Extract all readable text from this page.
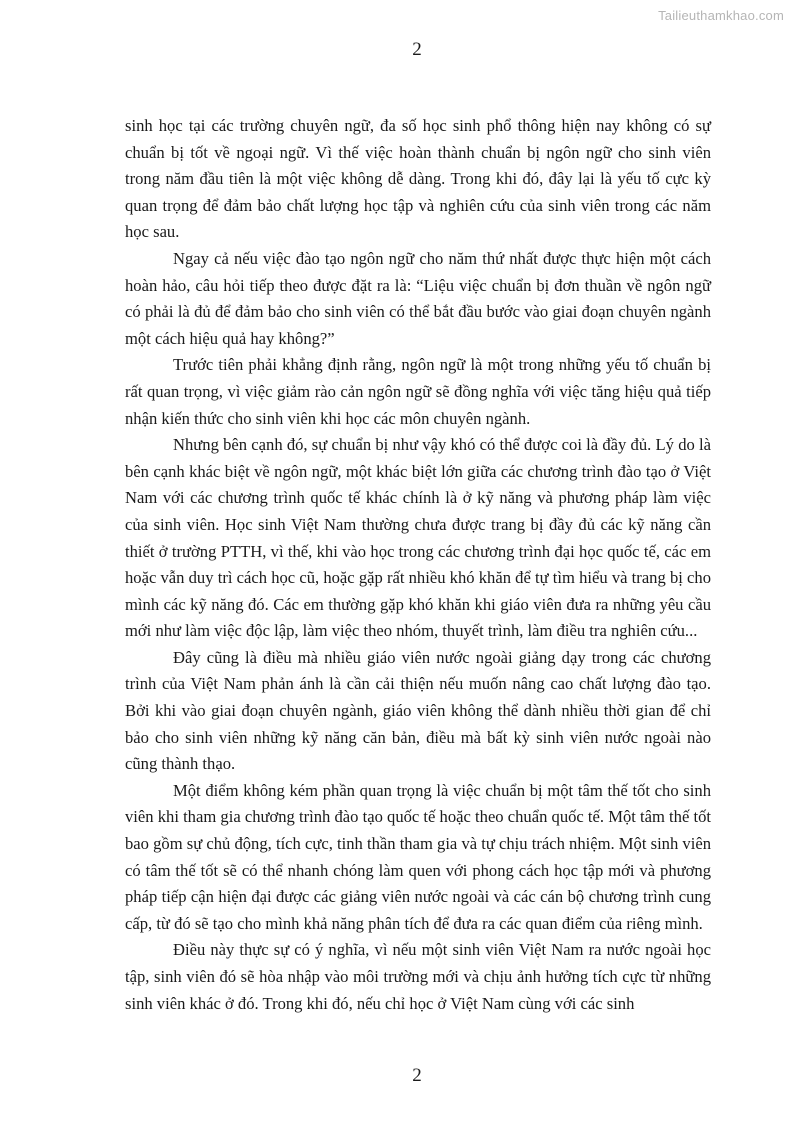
Tailieuthamkhao.com
2

sinh học tại các trường chuyên ngữ, đa số học sinh phổ thông hiện nay không có sự chuẩn bị tốt về ngoại ngữ. Vì thế việc hoàn thành chuẩn bị ngôn ngữ cho sinh viên trong năm đầu tiên là một việc không dễ dàng. Trong khi đó, đây lại là yếu tố cực kỳ quan trọng để đảm bảo chất lượng học tập và nghiên cứu của sinh viên trong các năm học sau.

Ngay cả nếu việc đào tạo ngôn ngữ cho năm thứ nhất được thực hiện một cách hoàn hảo, câu hỏi tiếp theo được đặt ra là: “Liệu việc chuẩn bị đơn thuần về ngôn ngữ có phải là đủ để đảm bảo cho sinh viên có thể bắt đầu bước vào giai đoạn chuyên ngành một cách hiệu quả hay không?”

Trước tiên phải khẳng định rằng, ngôn ngữ là một trong những yếu tố chuẩn bị rất quan trọng, vì việc giảm rào cản ngôn ngữ sẽ đồng nghĩa với việc tăng hiệu quả tiếp nhận kiến thức cho sinh viên khi học các môn chuyên ngành.

Nhưng bên cạnh đó, sự chuẩn bị như vậy khó có thể được coi là đầy đủ. Lý do là bên cạnh khác biệt về ngôn ngữ, một khác biệt lớn giữa các chương trình đào tạo ở Việt Nam với các chương trình quốc tế khác chính là ở kỹ năng và phương pháp làm việc của sinh viên. Học sinh Việt Nam thường chưa được trang bị đầy đủ các kỹ năng cần thiết ở trường PTTH, vì thế, khi vào học trong các chương trình đại học quốc tế, các em hoặc vẫn duy trì cách học cũ, hoặc gặp rất nhiều khó khăn để tự tìm hiểu và trang bị cho mình các kỹ năng đó. Các em thường gặp khó khăn khi giáo viên đưa ra những yêu cầu mới như làm việc độc lập, làm việc theo nhóm, thuyết trình, làm điều tra nghiên cứu...

Đây cũng là điều mà nhiều giáo viên nước ngoài giảng dạy trong các chương trình của Việt Nam phản ánh là cần cải thiện nếu muốn nâng cao chất lượng đào tạo. Bởi khi vào giai đoạn chuyên ngành, giáo viên không thể dành nhiều thời gian để chỉ bảo cho sinh viên những kỹ năng căn bản, điều mà bất kỳ sinh viên nước ngoài nào cũng thành thạo.

Một điểm không kém phần quan trọng là việc chuẩn bị một tâm thế tốt cho sinh viên khi tham gia chương trình đào tạo quốc tế hoặc theo chuẩn quốc tế. Một tâm thế tốt bao gồm sự chủ động, tích cực, tinh thần tham gia và tự chịu trách nhiệm. Một sinh viên có tâm thế tốt sẽ có thể nhanh chóng làm quen với phong cách học tập mới và phương pháp tiếp cận hiện đại được các giảng viên nước ngoài và các cán bộ chương trình cung cấp, từ đó sẽ tạo cho mình khả năng phân tích để đưa ra các quan điểm của riêng mình.

Điều này thực sự có ý nghĩa, vì nếu một sinh viên Việt Nam ra nước ngoài học tập, sinh viên đó sẽ hòa nhập vào môi trường mới và chịu ảnh hưởng tích cực từ những sinh viên khác ở đó. Trong khi đó, nếu chỉ học ở Việt Nam cùng với các sinh

2
